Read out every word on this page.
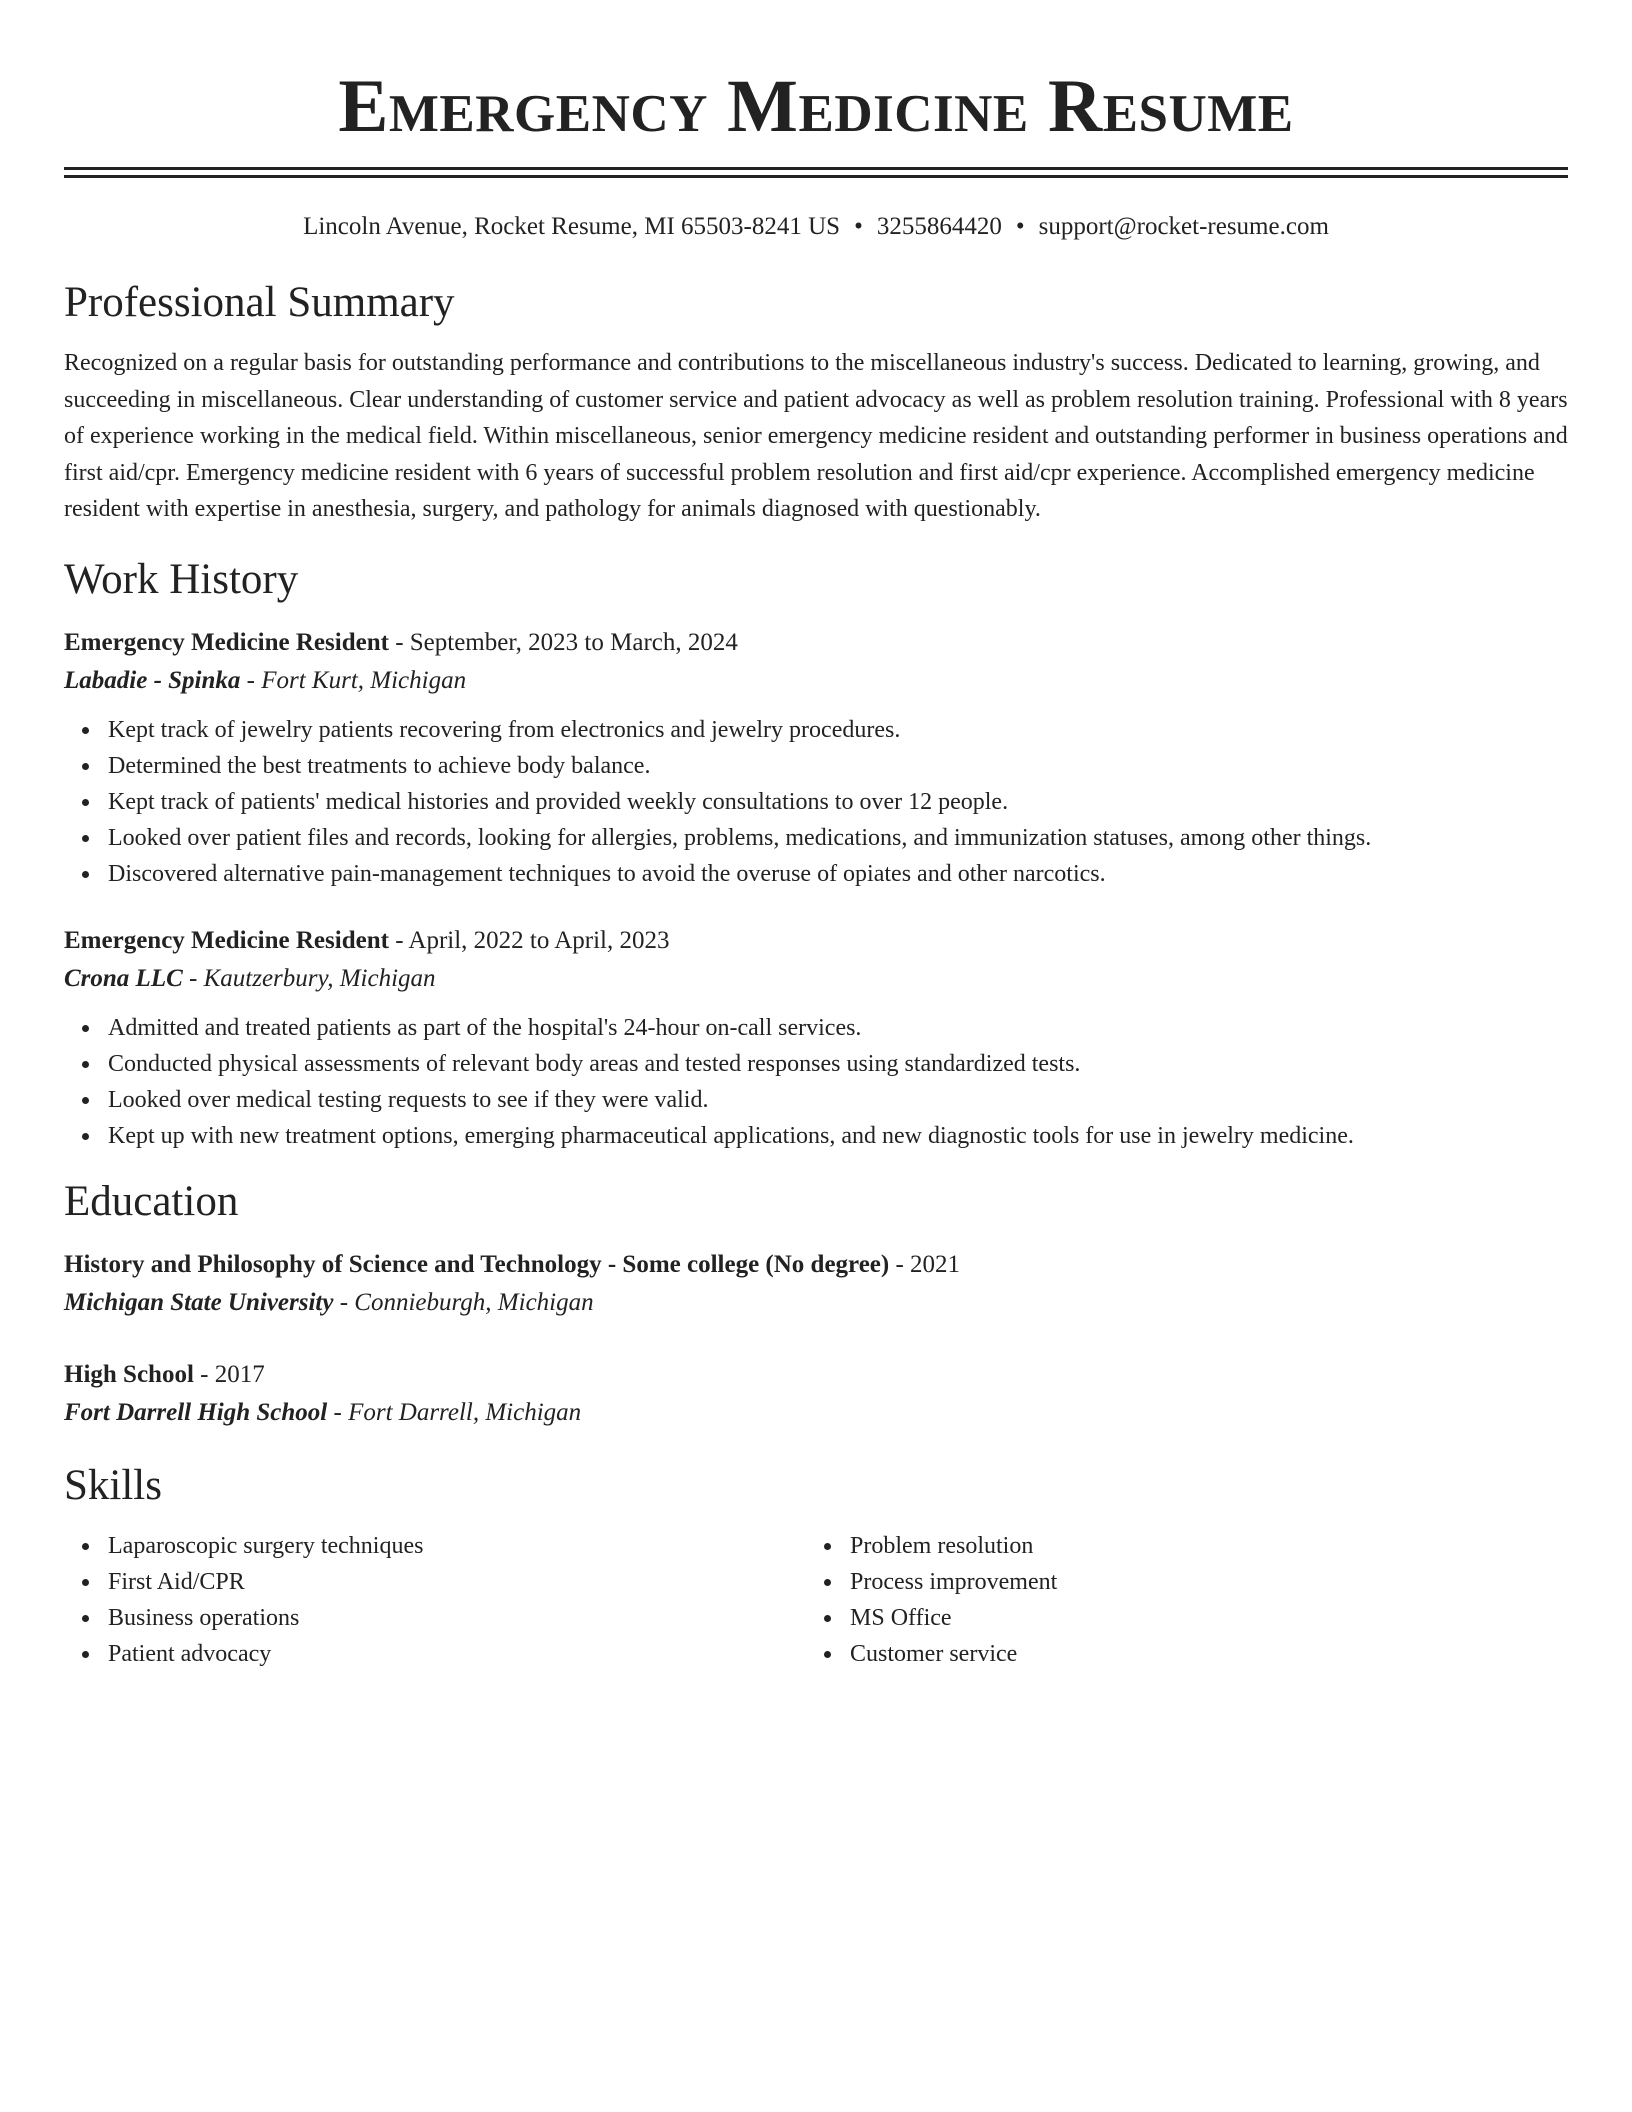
Emergency Medicine Resume
Lincoln Avenue, Rocket Resume, MI 65503-8241 US • 3255864420 • support@rocket-resume.com
Professional Summary
Recognized on a regular basis for outstanding performance and contributions to the miscellaneous industry's success. Dedicated to learning, growing, and succeeding in miscellaneous. Clear understanding of customer service and patient advocacy as well as problem resolution training. Professional with 8 years of experience working in the medical field. Within miscellaneous, senior emergency medicine resident and outstanding performer in business operations and first aid/cpr. Emergency medicine resident with 6 years of successful problem resolution and first aid/cpr experience. Accomplished emergency medicine resident with expertise in anesthesia, surgery, and pathology for animals diagnosed with questionably.
Work History
Emergency Medicine Resident - September, 2023 to March, 2024
Labadie - Spinka - Fort Kurt, Michigan
Kept track of jewelry patients recovering from electronics and jewelry procedures.
Determined the best treatments to achieve body balance.
Kept track of patients' medical histories and provided weekly consultations to over 12 people.
Looked over patient files and records, looking for allergies, problems, medications, and immunization statuses, among other things.
Discovered alternative pain-management techniques to avoid the overuse of opiates and other narcotics.
Emergency Medicine Resident - April, 2022 to April, 2023
Crona LLC - Kautzerbury, Michigan
Admitted and treated patients as part of the hospital's 24-hour on-call services.
Conducted physical assessments of relevant body areas and tested responses using standardized tests.
Looked over medical testing requests to see if they were valid.
Kept up with new treatment options, emerging pharmaceutical applications, and new diagnostic tools for use in jewelry medicine.
Education
History and Philosophy of Science and Technology - Some college (No degree) - 2021
Michigan State University - Connieburgh, Michigan
High School - 2017
Fort Darrell High School - Fort Darrell, Michigan
Skills
Laparoscopic surgery techniques
First Aid/CPR
Business operations
Patient advocacy
Problem resolution
Process improvement
MS Office
Customer service
